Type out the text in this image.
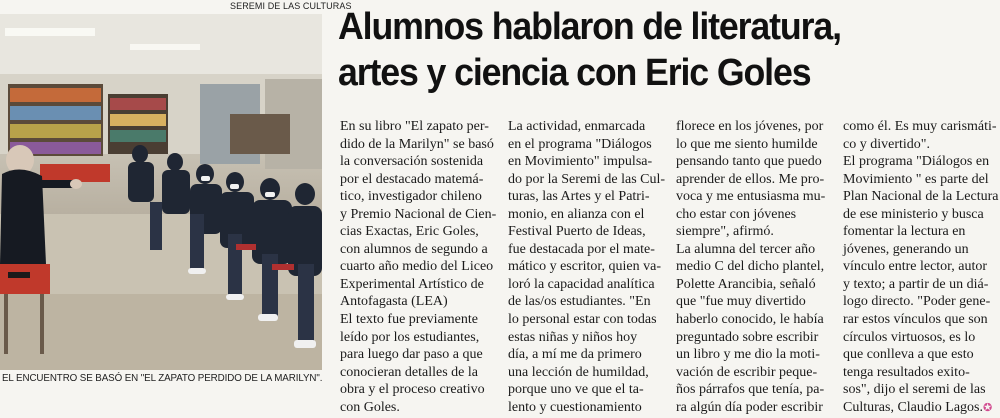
SEREMI DE LAS CULTURAS
EL ENCUENTRO SE BASÓ EN "EL ZAPATO PERDIDO DE LA MARILYN".
Alumnos hablaron de literatura,
artes y ciencia con Eric Goles
En su libro "El zapato per-
dido de la Marilyn" se basó
la conversación sostenida
por el destacado matemá-
tico, investigador chileno
y Premio Nacional de Cien-
cias Exactas, Eric Goles,
con alumnos de segundo a
cuarto año medio del Liceo
Experimental Artístico de
Antofagasta (LEA)
El texto fue previamente
leído por los estudiantes,
para luego dar paso a que
conocieran detalles de la
obra y el proceso creativo
con Goles.
La actividad, enmarcada
en el programa "Diálogos
en Movimiento" impulsa-
do por la Seremi de las Cul-
turas, las Artes y el Patri-
monio, en alianza con el
Festival Puerto de Ideas,
fue destacada por el mate-
mático y escritor, quien va-
loró la capacidad analítica
de las/os estudiantes. "En
lo personal estar con todas
estas niñas y niños hoy
día, a mí me da primero
una lección de humildad,
porque uno ve que el ta-
lento y cuestionamiento
florece en los jóvenes, por
lo que me siento humilde
pensando tanto que puedo
aprender de ellos. Me pro-
voca y me entusiasma mu-
cho estar con jóvenes
siempre", afirmó.
La alumna del tercer año
medio C del dicho plantel,
Polette Arancibia, señaló
que "fue muy divertido
haberlo conocido, le había
preguntado sobre escribir
un libro y me dio la moti-
vación de escribir peque-
ños párrafos que tenía, pa-
ra algún día poder escribir
como él. Es muy carismáti-
co y divertido".
El programa "Diálogos en
Movimiento " es parte del
Plan Nacional de la Lectura
de ese ministerio y busca
fomentar la lectura en
jóvenes, generando un
vínculo entre lector, autor
y texto; a partir de un diá-
logo directo. "Poder gene-
rar estos vínculos que son
círculos virtuosos, es lo
que conlleva a que esto
tenga resultados exito-
sos", dijo el seremi de las
Culturas, Claudio Lagos.✪
